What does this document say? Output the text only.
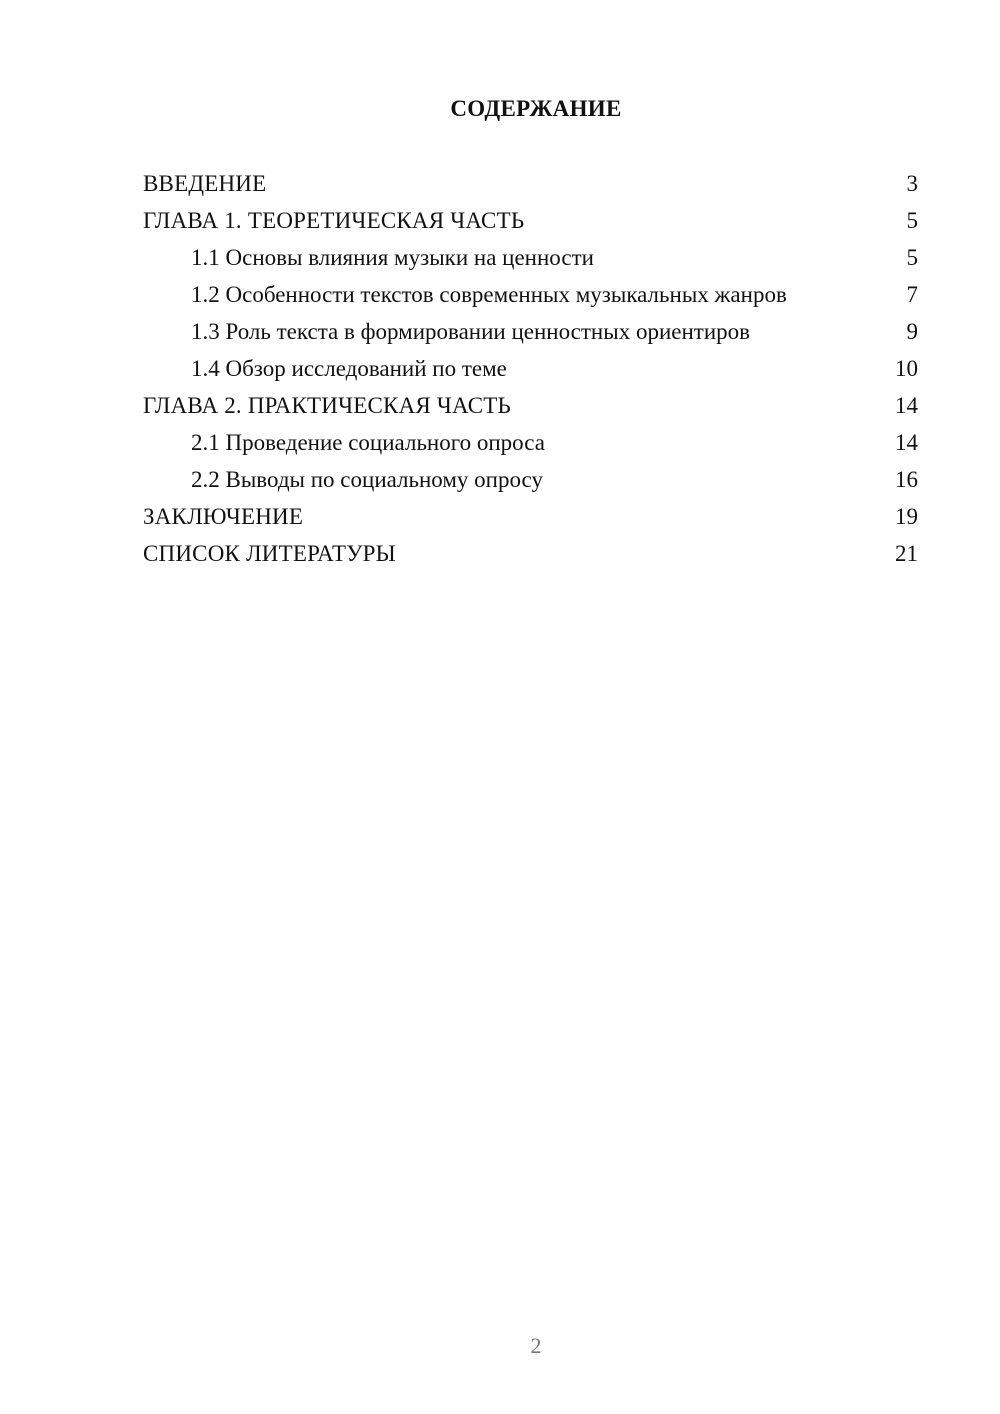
СОДЕРЖАНИЕ
ВВЕДЕНИЕ	3
ГЛАВА 1. ТЕОРЕТИЧЕСКАЯ ЧАСТЬ	5
1.1 Основы влияния музыки на ценности	5
1.2 Особенности текстов современных музыкальных жанров	7
1.3 Роль текста в формировании ценностных ориентиров	9
1.4 Обзор исследований по теме	10
ГЛАВА 2. ПРАКТИЧЕСКАЯ ЧАСТЬ	14
2.1 Проведение социального опроса	14
2.2 Выводы по социальному опросу	16
ЗАКЛЮЧЕНИЕ	19
СПИСОК ЛИТЕРАТУРЫ	21
2
